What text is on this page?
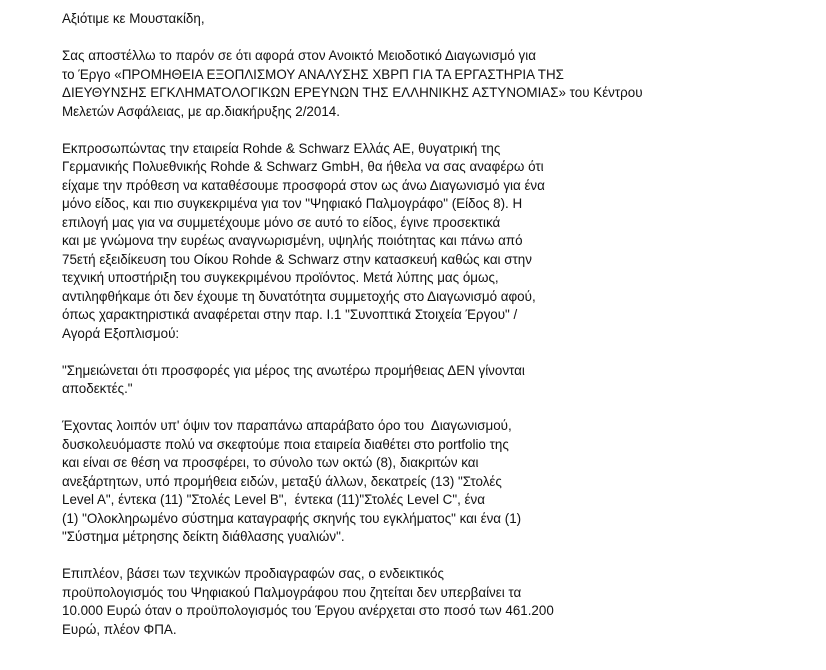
Αξιότιμε κε Μουστακίδη,
Σας αποστέλλω το παρόν σε ότι αφορά στον Ανοικτό Μειοδοτικό Διαγωνισμό για
το Έργο «ΠΡΟΜΗΘΕΙΑ ΕΞΟΠΛΙΣΜΟΥ ΑΝΑΛΥΣΗΣ ΧΒΡΠ ΓΙΑ ΤΑ ΕΡΓΑΣΤΗΡΙΑ ΤΗΣ
ΔΙΕΥΘΥΝΣΗΣ ΕΓΚΛΗΜΑΤΟΛΟΓΙΚΩΝ ΕΡΕΥΝΩΝ ΤΗΣ ΕΛΛΗΝΙΚΗΣ ΑΣΤΥΝΟΜΙΑΣ» του Κέντρου
Μελετών Ασφάλειας, με αρ.διακήρυξης 2/2014.
Εκπροσωπώντας την εταιρεία Rohde & Schwarz Ελλάς ΑΕ, θυγατρική της
Γερμανικής Πολυεθνικής Rohde & Schwarz GmbH, θα ήθελα να σας αναφέρω ότι
είχαμε την πρόθεση να καταθέσουμε προσφορά στον ως άνω Διαγωνισμό για ένα
μόνο είδος, και πιο συγκεκριμένα για τον "Ψηφιακό Παλμογράφο" (Είδος 8). Η
επιλογή μας για να συμμετέχουμε μόνο σε αυτό το είδος, έγινε προσεκτικά
και με γνώμονα την ευρέως αναγνωρισμένη, υψηλής ποιότητας και πάνω από
75ετή εξειδίκευση του Οίκου Rohde & Schwarz στην κατασκευή καθώς και στην
τεχνική υποστήριξη του συγκεκριμένου προϊόντος. Μετά λύπης μας όμως,
αντιληφθήκαμε ότι δεν έχουμε τη δυνατότητα συμμετοχής στο Διαγωνισμό αφού,
όπως χαρακτηριστικά αναφέρεται στην παρ. Ι.1 "Συνοπτικά Στοιχεία Έργου" /
Αγορά Εξοπλισμού:
"Σημειώνεται ότι προσφορές για μέρος της ανωτέρω προμήθειας ΔΕΝ γίνονται
αποδεκτές."
Έχοντας λοιπόν υπ' όψιν τον παραπάνω απαράβατο όρο του  Διαγωνισμού,
δυσκολευόμαστε πολύ να σκεφτούμε ποια εταιρεία διαθέτει στο portfolio της
και είναι σε θέση να προσφέρει, το σύνολο των οκτώ (8), διακριτών και
ανεξάρτητων, υπό προμήθεια ειδών, μεταξύ άλλων, δεκατρείς (13) "Στολές
Level A", έντεκα (11) "Στολές Level B",  έντεκα (11)"Στολές Level C", ένα
(1) "Ολοκληρωμένο σύστημα καταγραφής σκηνής του εγκλήματος" και ένα (1)
"Σύστημα μέτρησης δείκτη διάθλασης γυαλιών".
Επιπλέον, βάσει των τεχνικών προδιαγραφών σας, ο ενδεικτικός
προϋπολογισμός του Ψηφιακού Παλμογράφου που ζητείται δεν υπερβαίνει τα
10.000 Ευρώ όταν ο προϋπολογισμός του Έργου ανέρχεται στο ποσό των 461.200
Ευρώ, πλέον ΦΠΑ.
